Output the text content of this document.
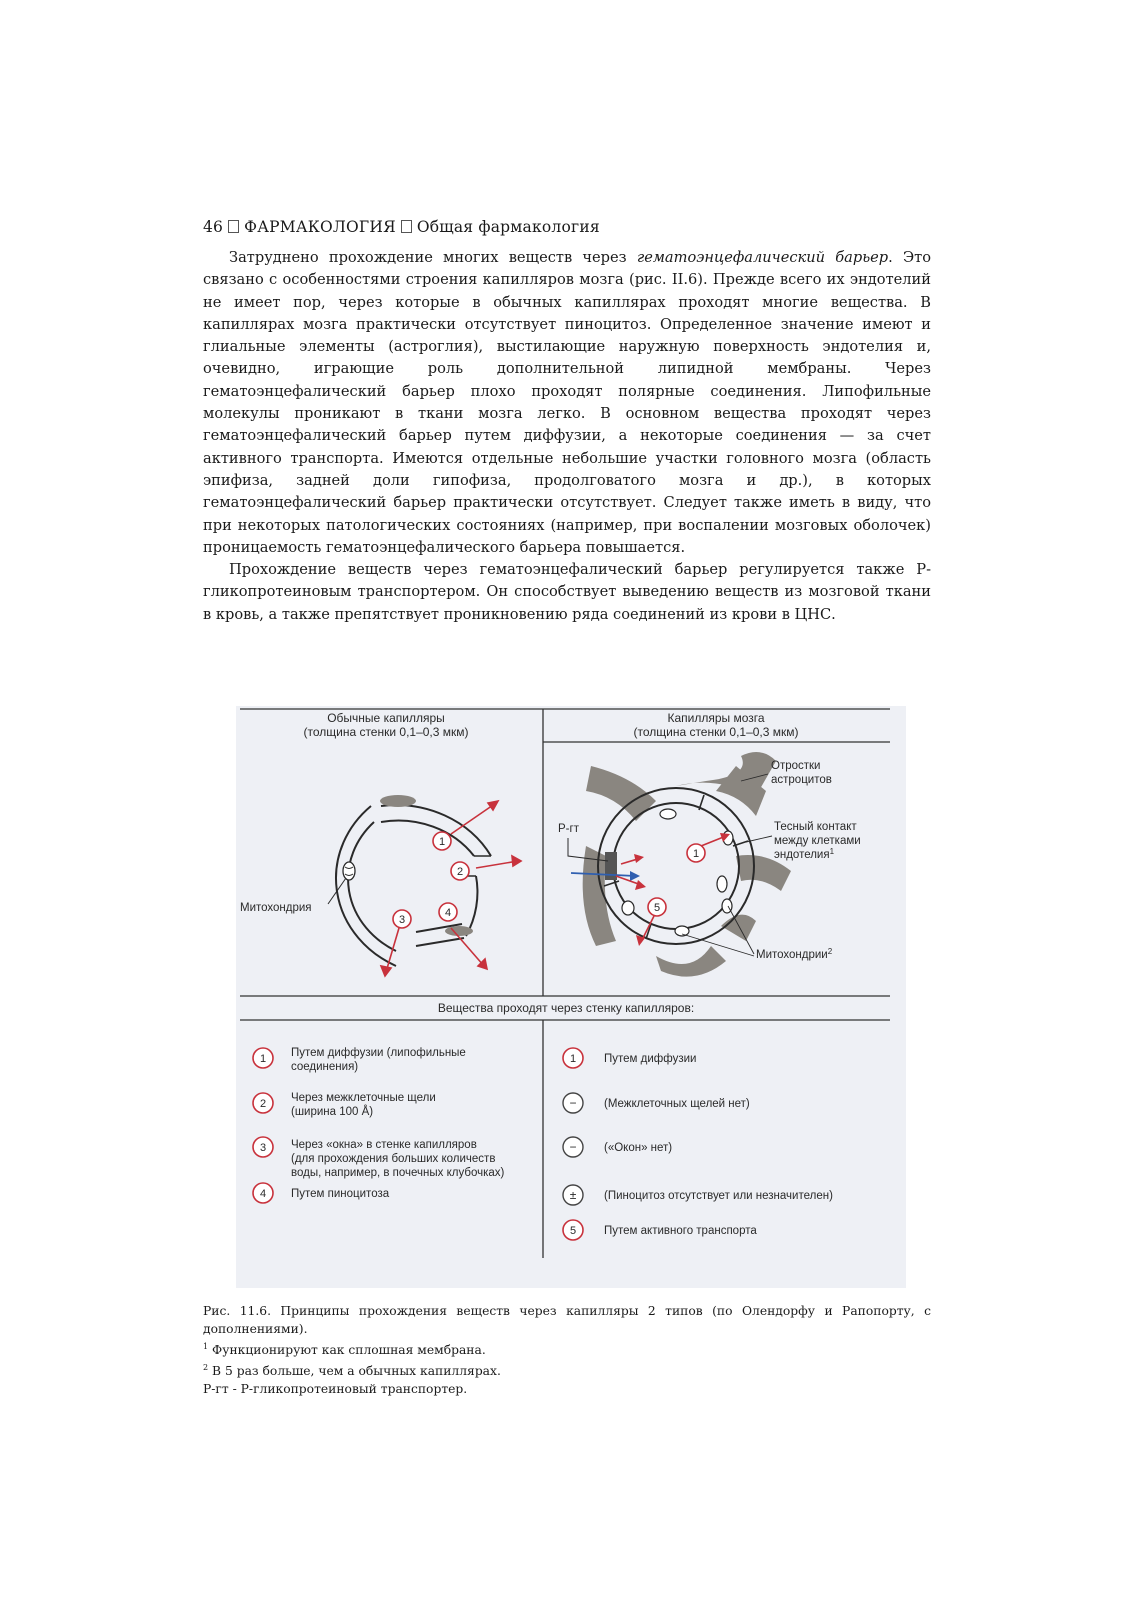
46 ФАРМАКОЛОГИЯ Общая фармакология

Затруднено прохождение многих веществ через гематоэнцефалический барьер. Это связано с особенностями строения капилляров мозга (рис. II.6). Прежде всего их эндотелий не имеет пор, через которые в обычных капиллярах проходят многие вещества. В капиллярах мозга практически отсутствует пиноцитоз. Определенное значение имеют и глиальные элементы (астроглия), выстилающие наружную поверхность эндотелия и, очевидно, играющие роль дополнительной липидной мембраны. Через гематоэнцефалический барьер плохо проходят полярные соединения. Липофильные молекулы проникают в ткани мозга легко. В основном вещества проходят через гематоэнцефалический барьер путем диффузии, а некоторые соединения — за счет активного транспорта. Имеются отдельные небольшие участки головного мозга (область эпифиза, задней доли гипофиза, продолговатого мозга и др.), в которых гематоэнцефалический барьер практически отсутствует. Следует также иметь в виду, что при некоторых патологических состояниях (например, при воспалении мозговых оболочек) проницаемость гематоэнцефалического барьера повышается.

Прохождение веществ через гематоэнцефалический барьер регулируется также Р-гликопротеиновым транспортером. Он способствует выведению веществ из мозговой ткани в кровь, а также препятствует проникновению ряда соединений из крови в ЦНС.

Обычные капилляры
(толщина стенки 0,1–0,3 мкм)
Капилляры мозга
(толщина стенки 0,1–0,3 мкм)
Митохондрия
1
2
3
4
Р-гт
1
5
Отростки
астроцитов
Тесный контакт
между клетками
эндотелия$^1$
Митохондрии$^2$
Вещества проходят через стенку капилляров:
1 Путем диффузии (липофильные
соединения)
2 Через межклеточные щели
(ширина 100 Å)
3 Через «окна» в стенке капилляров
(для прохождения больших количеств
воды, например, в почечных клубочках)
4 Путем пиноцитоза
1 Путем диффузии
− (Межклеточных щелей нет)
− («Окон» нет)
± (Пиноцитоз отсутствует или незначителен)
5 Путем активного транспорта

Рис. 11.6. Принципы прохождения веществ через капилляры 2 типов (по Олендорфу и Рапопорту, с дополнениями).

$^1$ Функционируют как сплошная мембрана.

$^2$ В 5 раз больше, чем а обычных капиллярах.

Р-гт - Р-гликопротеиновый транспортер.
